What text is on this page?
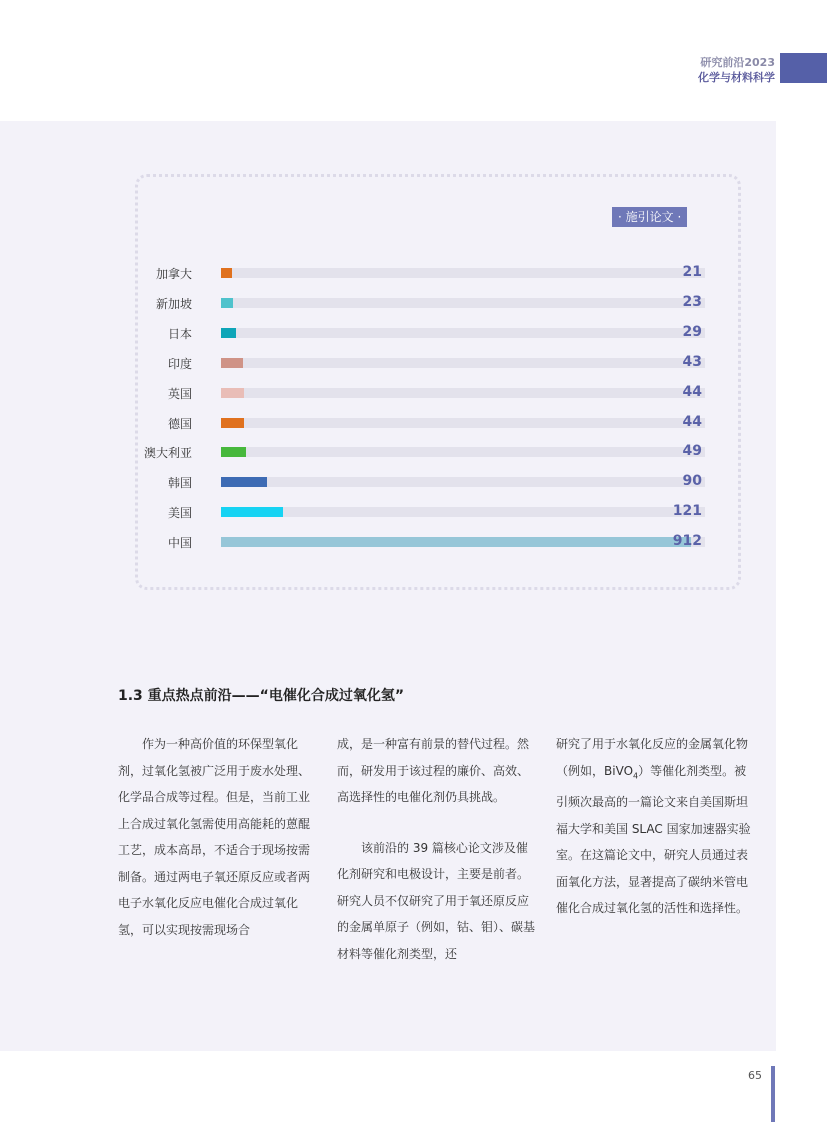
研究前沿2023
化学与材料科学
· 施引论文 ·
加拿大	21
新加坡	23
日本	29
印度	43
英国	44
德国	44
澳大利亚	49
韩国	90
美国	121
中国	912
1.3 重点热点前沿——“电催化合成过氧化氢”

作为一种高价值的环保型氧化剂，过氧化氢被广泛用于废水处理、化学品合成等过程。但是，当前工业上合成过氧化氢需使用高能耗的蒽醌工艺，成本高昂，不适合于现场按需制备。通过两电子氧还原反应或者两电子水氧化反应电催化合成过氧化氢，可以实现按需现场合

成，是一种富有前景的替代过程。然而，研发用于该过程的廉价、高效、高选择性的电催化剂仍具挑战。

该前沿的 39 篇核心论文涉及催化剂研究和电极设计，主要是前者。研究人员不仅研究了用于氧还原反应的金属单原子（例如，钴、钼）、碳基材料等催化剂类型，还

研究了用于水氧化反应的金属氧化物（例如，BiVO$_4$）等催化剂类型。被引频次最高的一篇论文来自美国斯坦福大学和美国 SLAC 国家加速器实验室。在这篇论文中，研究人员通过表面氧化方法，显著提高了碳纳米管电催化合成过氧化氢的活性和选择性。

65
